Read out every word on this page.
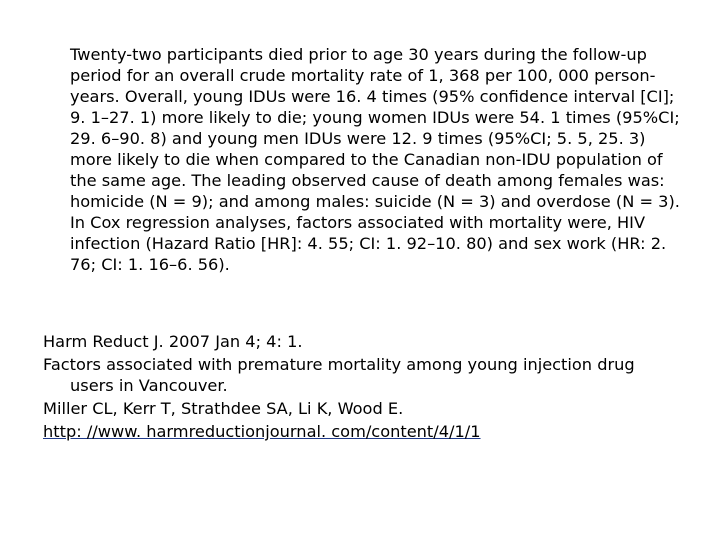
Twenty-two participants died prior to age 30 years during the follow-up period for an overall crude mortality rate of 1, 368 per 100, 000 person-years. Overall, young IDUs were 16. 4 times (95% confidence interval [CI]; 9. 1–27. 1) more likely to die; young women IDUs were 54. 1 times (95%CI; 29. 6–90. 8) and young men IDUs were 12. 9 times (95%CI; 5. 5, 25. 3) more likely to die when compared to the Canadian non-IDU population of the same age. The leading observed cause of death among females was: homicide (N = 9); and among males: suicide (N = 3) and overdose (N = 3). In Cox regression analyses, factors associated with mortality were, HIV infection (Hazard Ratio [HR]: 4. 55; CI: 1. 92–10. 80) and sex work (HR: 2. 76; CI: 1. 16–6. 56).

Harm Reduct J. 2007 Jan 4; 4: 1.

Factors associated with premature mortality among young injection drug users in Vancouver.

Miller CL, Kerr T, Strathdee SA, Li K, Wood E.

http: //www. harmreductionjournal. com/content/4/1/1
